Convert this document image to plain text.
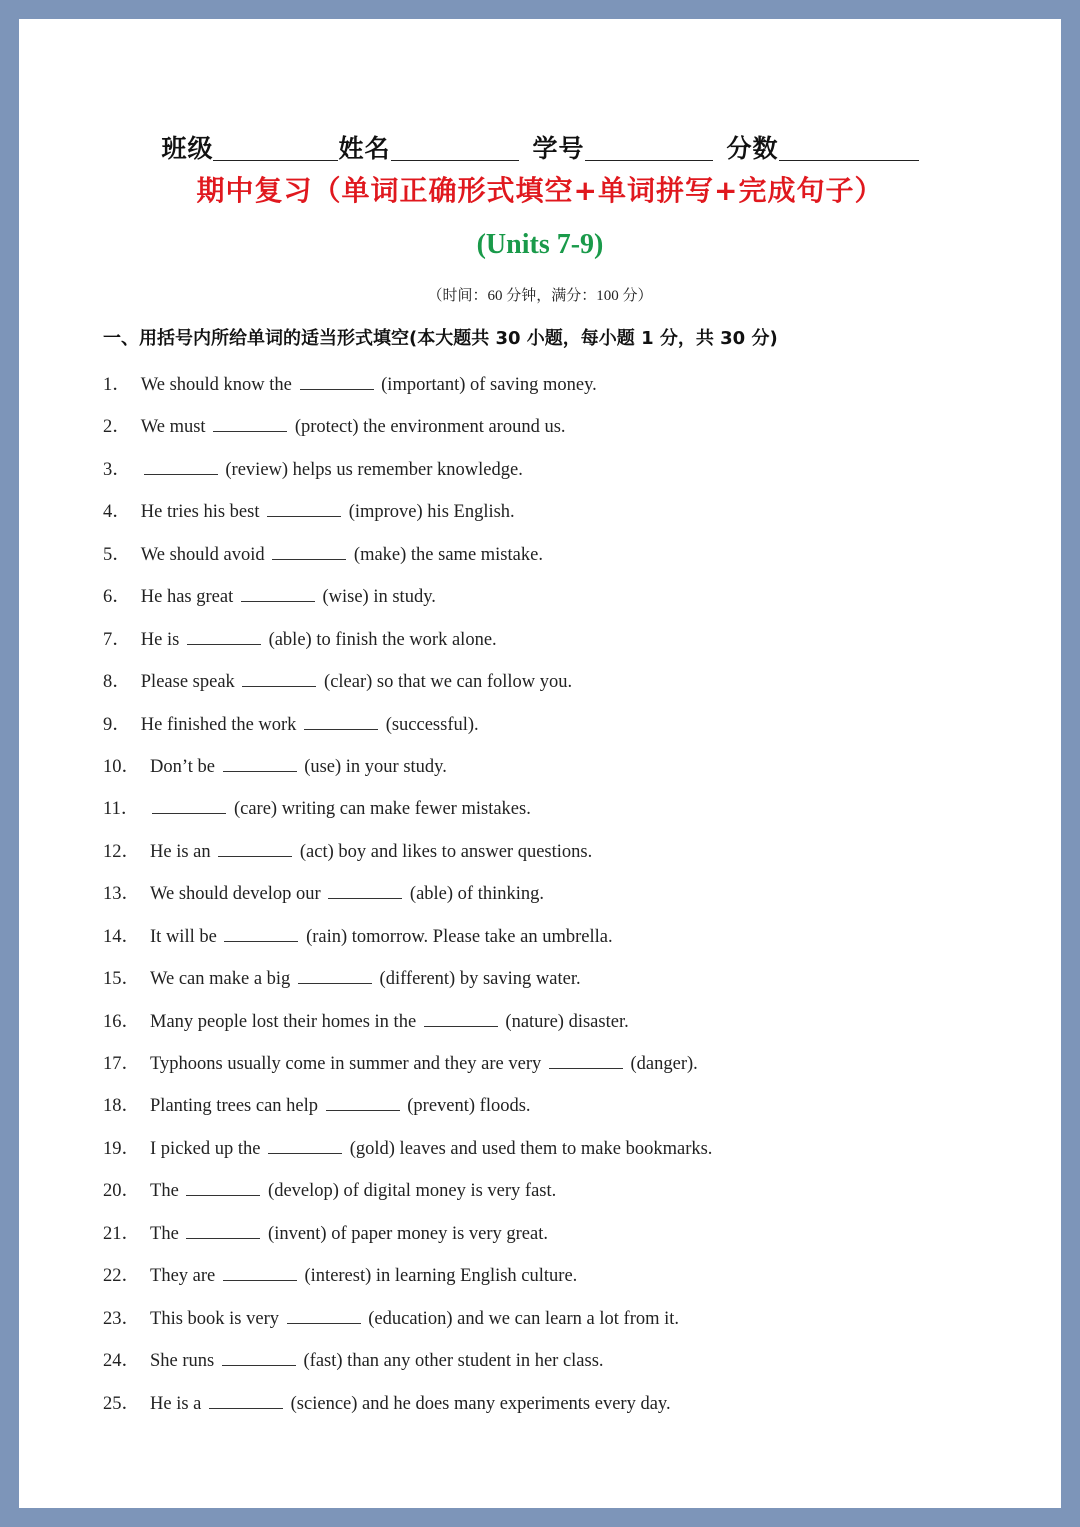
班级	姓名	学号	分数
期中复习（单词正确形式填空+单词拼写+完成句子）
(Units 7-9)
（时间：60 分钟，满分：100 分）
一、用括号内所给单词的适当形式填空(本大题共 30 小题，每小题 1 分，共 30 分)
1． We should know the	(important) of saving money.
2． We must	(protect) the environment around us.
3．	(review) helps us remember knowledge.
4． He tries his best	(improve) his English.
5． We should avoid	(make) the same mistake.
6． He has great	(wise) in study.
7． He is	(able) to finish the work alone.
8． Please speak	(clear) so that we can follow you.
9． He finished the work	(successful).
10． Don’t be	(use) in your study.
11．	(care) writing can make fewer mistakes.
12． He is an	(act) boy and likes to answer questions.
13． We should develop our	(able) of thinking.
14． It will be	(rain) tomorrow. Please take an umbrella.
15． We can make a big	(different) by saving water.
16． Many people lost their homes in the	(nature) disaster.
17． Typhoons usually come in summer and they are very	(danger).
18． Planting trees can help	(prevent) floods.
19． I picked up the	(gold) leaves and used them to make bookmarks.
20． The	(develop) of digital money is very fast.
21． The	(invent) of paper money is very great.
22． They are	(interest) in learning English culture.
23． This book is very	(education) and we can learn a lot from it.
24． She runs	(fast) than any other student in her class.
25． He is a	(science) and he does many experiments every day.
